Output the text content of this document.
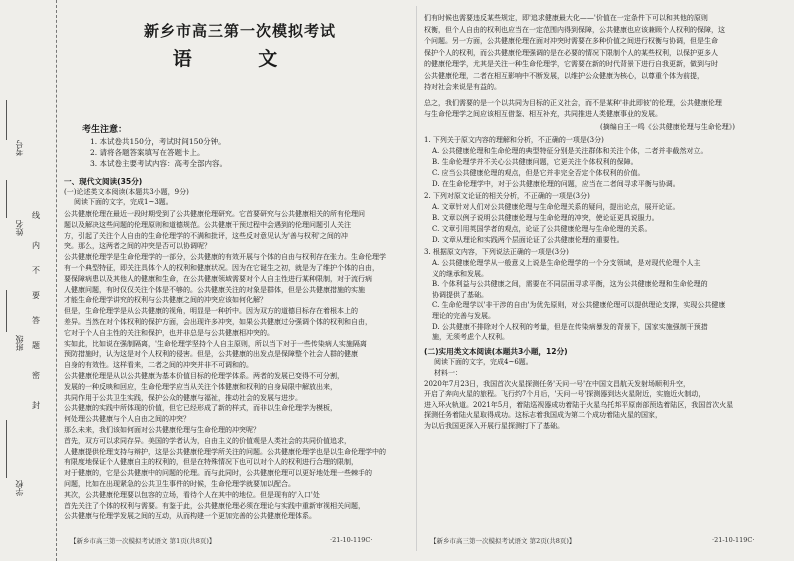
考号
姓名
班级
学校
线
内
不
要
答
题
密
封
新乡市高三第一次模拟考试
语 文
考生注意：
1. 本试卷共150分，考试时间150分钟。
2. 请将各题答案填写在答题卡上。
3. 本试卷主要考试内容：高考全部内容。
一、现代文阅读(35分)
(一)论述类文本阅读(本题共3小题，9分)
阅读下面的文字，完成1~3题。
公共健康伦理在最近一段时期受到了公共健康伦理研究。它首要研究与公共健康相关的所有伦理问
题以及解决这些问题的伦理原则和道德规范。公共健康干预过程中会遇到的伦理问题引人关注
方，引起了关注个人自由的生命伦理学的不满和批评，这些反对意见认为'善与权利'之间的冲
突。那么，这两者之间的冲突是否可以协调呢？
公共健康伦理学是生命伦理学的一部分，公共健康的有效开展与个体的自由与权利存在张力。生命伦理学
有一个典型特征，即关注具体个人的权利和健康状况。因为在它诞生之初，就是为了维护个体的自由，
要保障病患以及其他人的健康和生命，在公共健康领域需要对个人自主性进行某种限制，对于流行病
人健康问题，有时仅仅关注个体是不够的。公共健康关注的对象是群体，但是公共健康措施的实施
才能生命伦理学讲究的权利与公共健康之间的冲突应该如何化解？
但是，生命伦理学是从公共健康的视角，明显是一种折中。因为双方的道德目标存在着根本上的
差异。当然在对个体权利的保护方面，会出现许多冲突，如果公共健康过分强调个体的权利和自由，
它对于个人自主性的关注和保护，也并非总是与公共健康相冲突的。
实如此，比如说在强制隔离，'生命伦理学坚持个人自主原则，所以当下对于一些传染病人实施隔离
预防措施时，认为这是对个人权利的侵害。但是，公共健康的出发点是保障整个社会人群的健康
自身的有效性。这样看来，二者之间的冲突并非不可调和的。
公共健康伦理是从以公共健康为基本价值目标的伦理学体系。两者的发展已变得不可分割，
发展的一种反映和回应，生命伦理学应当从关注个体健康和权利的自身局限中解放出来，
共同作用于公共卫生实践，保护公众的健康与福祉，推动社会的发展与进步。
公共健康的实践中所体现的价值，但它已经形成了新的样式，而非以生命伦理学为模板，
何处理公共健康与个人自由之间的冲突？
那么未来，我们该如何面对公共健康伦理与生命伦理的冲突呢？
首先，双方可以求同存异。美国的学者认为，自由主义的价值观是人类社会的共同价值追求，
人健康提供伦理支持与辩护，这是公共健康伦理学所关注的问题。公共健康伦理学也是以生命伦理学中的
有限度地保证个人健康自主的权利的，但是在特殊情况下也可以对个人的权利进行合理的限制，
对于健康的，它是公共健康中的问题的伦理。而与此同时，公共健康伦理可以更好地处理一些棘手的
问题，比如在出现紧急的公共卫生事件的时候，生命伦理学就要加以配合。
其次，公共健康伦理要以包容的立场，看待个人在其中的地位。但是现有的'入口'处
首先关注了个体的权利与需要。有鉴于此，公共健康伦理必须在理论与实践中重新审视相关问题，
公共健康与伦理学发展之间的互动，从而构建一个更加完善的公共健康伦理体系。
【新乡市高三第一次模拟考试语文 第1页(共8页)】	·21-10-119C·
们有时候也需要违反某些规定，即'追求健康最大化——'价值在一定条件下可以和其他的原则
权衡，但个人自由的权利也应当在一定范围内得到保障，公共健康也应该兼顾个人权利的保障，这
个问题。另一方面，公共健康伦理在面对冲突时需要在多种价值之间进行权衡与协调，但是生命
保护个人的权利，而公共健康伦理强调的是在必要的情况下限制个人的某些权利，以保护更多人
的健康伦理学，尤其是关注一种生命伦理学，它需要在新的时代背景下进行自我更新，做到与时
公共健康伦理，二者在相互影响中不断发展，以维护公众健康为核心，以尊重个体为前提，
持对社会来说是有益的。
总之，我们需要的是一个以共同为目标的正义社会，而不是某种'非此即彼'的伦理，公共健康伦理
与生命伦理学之间应该相互借鉴、相互补充，共同推进人类健康事业的发展。
(摘编自王一鸣《公共健康伦理与生命伦理》)
1. 下列关于原文内容的理解和分析，不正确的一项是(3分)
A. 公共健康伦理和生命伦理的典型特征分别是关注群体和关注个体，二者并非截然对立。
B. 生命伦理学并不关心公共健康问题，它更关注个体权利的保障。
C. 应当公共健康伦理的观点，但是它并非完全否定个体权利的价值。
D. 在生命伦理学中，对于公共健康伦理的问题，应当在二者间寻求平衡与协调。
2. 下列对原文论证的相关分析，不正确的一项是(3分)
A. 文章针对人们对公共健康伦理与生命伦理关系的疑问，提出论点，展开论证。
B. 文章以例子说明公共健康伦理与生命伦理的冲突，使论证更具说服力。
C. 文章引用英国学者的观点，论证了公共健康伦理与生命伦理的关系。
D. 文章从理论和实践两个层面论证了公共健康伦理的重要性。
3. 根据原文内容，下列说法正确的一项是(3分)
A. 公共健康伦理学从一般意义上说是生命伦理学的一个分支领域，是对现代伦理个人主
义的继承和发展。
B. 个体利益与公共健康之间，需要在不同层面寻求平衡，这为公共健康伦理和生命伦理的
协调提供了基础。
C. 生命伦理学以'非干涉的自由'为优先原则，对公共健康伦理可以提供理论支撑，实现公共健康
理论的完善与发展。
D. 公共健康不排除对个人权利的考量，但是在传染病暴发的背景下，国家实施强制干预措
施，无须考虑个人权利。
(二)实用类文本阅读(本题共3小题，12分)
阅读下面的文字，完成4~6题。
材料一：
2020年7月23日，我国首次火星探测任务'天问一号'在中国文昌航天发射场顺利升空，
开启了奔向火星的旅程。飞行约7个月后，'天问一号'探测器到达火星附近，实施近火制动，
进入环火轨道。2021年5月，着陆巡视器成功着陆于火星乌托邦平原南部预选着陆区，我国首次火星
探测任务着陆火星取得成功。这标志着我国成为第二个成功着陆火星的国家，
为以后我国更深入开展行星探测打下了基础。
【新乡市高三第一次模拟考试语文 第2页(共8页)】	·21-10-119C·
